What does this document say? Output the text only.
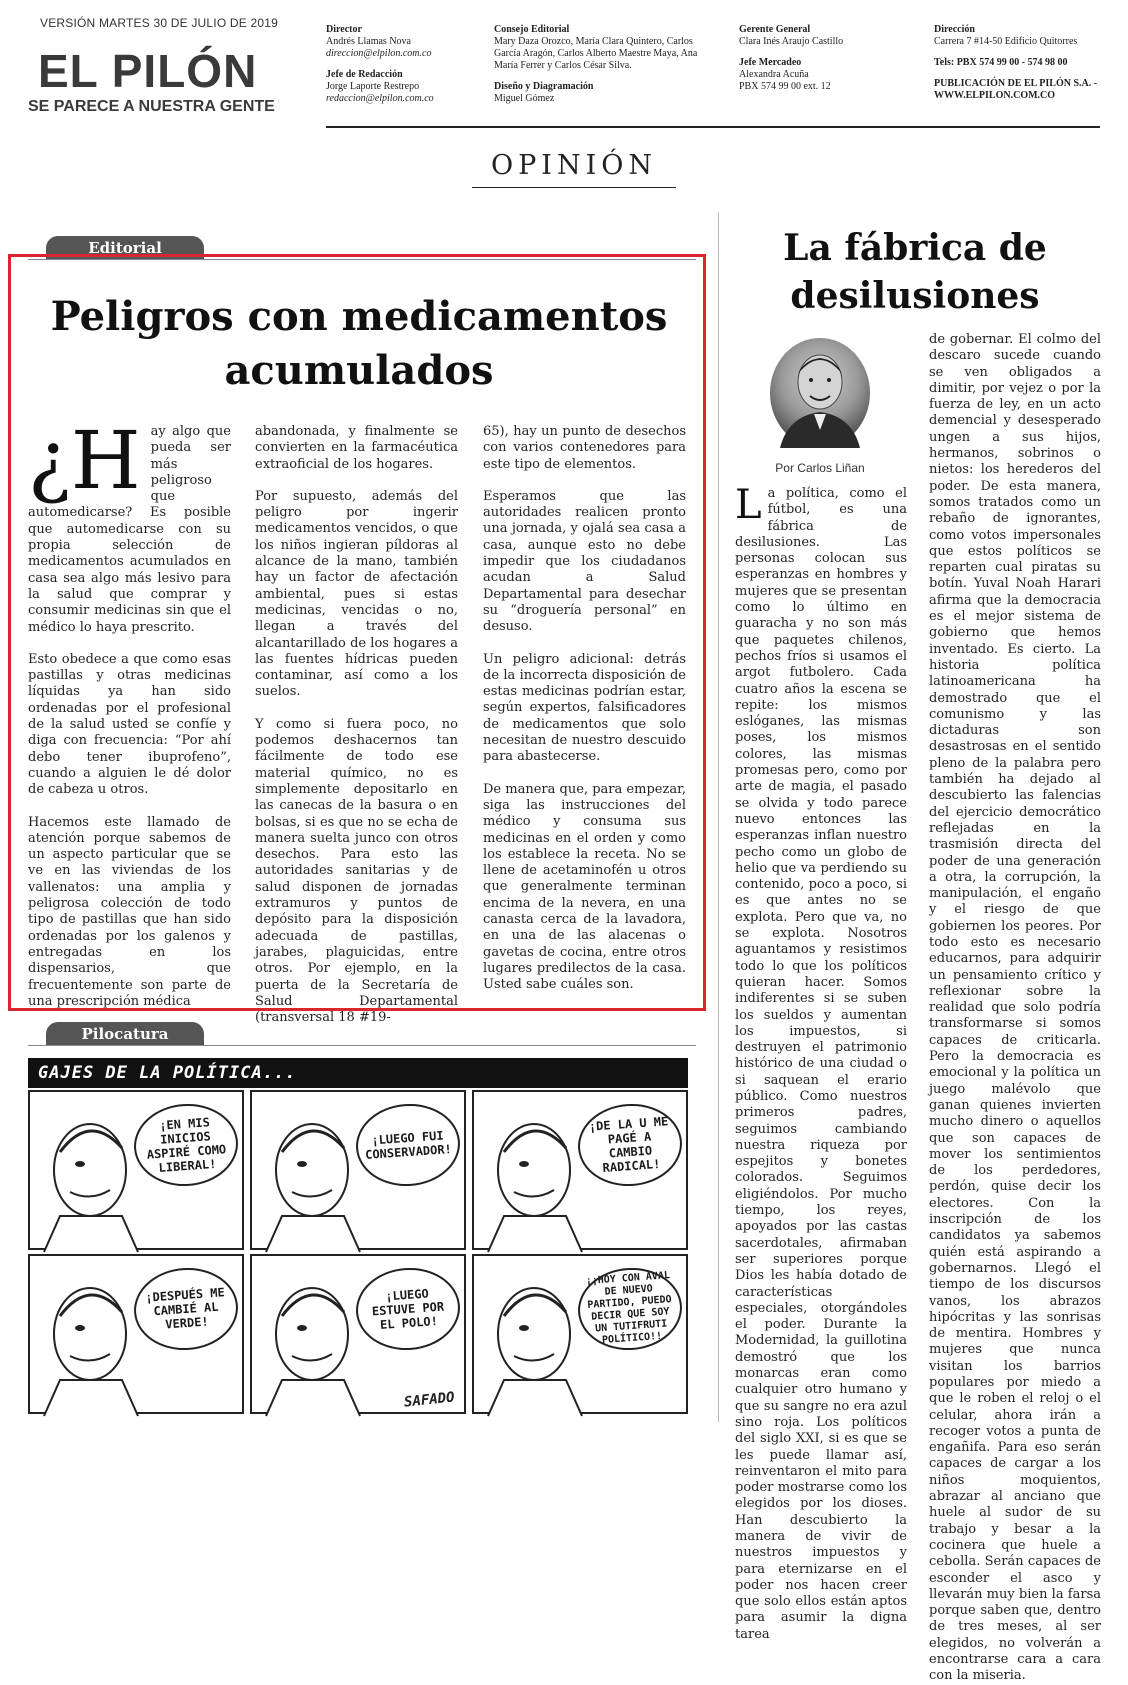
VERSIÓN MARTES 30 DE JULIO DE 2019
EL PILÓN
SE PARECE A NUESTRA GENTE
Director
Andrés Llamas Nova
direccion@elpilon.com.co
Jefe de Redacción
Jorge Laporte Restrepo
redaccion@elpilon.com.co
Consejo Editorial
Mary Daza Orozco, María Clara Quintero, Carlos García Aragón, Carlos Alberto Maestre Maya, Ana María Ferrer y Carlos César Silva.
Diseño y Diagramación
Miguel Gómez
Gerente General
Clara Inés Araujo Castillo
Jefe Mercadeo
Alexandra Acuña
PBX 574 99 00 ext. 12
Dirección
Carrera 7 #14-50 Edificio Quitorres
Tels: PBX 574 99 00 - 574 98 00
PUBLICACIÓN DE EL PILÓN S.A. - WWW.ELPILON.COM.CO
OPINIÓN
Editorial
Peligros con medicamentos acumulados

¿H ay algo que pueda ser más peligroso que automedicarse? Es posible que automedicarse con su propia selección de medicamentos acumulados en casa sea algo más lesivo para la salud que comprar y consumir medicinas sin que el médico lo haya prescrito.

Esto obedece a que como esas pastillas y otras medicinas líquidas ya han sido ordenadas por el profesional de la salud usted se confíe y diga con frecuencia: “Por ahí debo tener ibuprofeno”, cuando a alguien le dé dolor de cabeza u otros.

Hacemos este llamado de atención porque sabemos de un aspecto particular que se ve en las viviendas de los vallenatos: una amplia y peligrosa colección de todo tipo de pastillas que han sido ordenadas por los galenos y entregadas en los dispensarios, que frecuentemente son parte de una prescripción médica

abandonada, y finalmente se convierten en la farmacéutica extraoficial de los hogares.

Por supuesto, además del peligro por ingerir medicamentos vencidos, o que los niños ingieran píldoras al alcance de la mano, también hay un factor de afectación ambiental, pues si estas medicinas, vencidas o no, llegan a través del alcantarillado de los hogares a las fuentes hídricas pueden contaminar, así como a los suelos.

Y como si fuera poco, no podemos deshacernos tan fácilmente de todo ese material químico, no es simplemente depositarlo en las canecas de la basura o en bolsas, si es que no se echa de manera suelta junco con otros desechos. Para esto las autoridades sanitarias y de salud disponen de jornadas extramuros y puntos de depósito para la disposición adecuada de pastillas, jarabes, plaguicidas, entre otros. Por ejemplo, en la puerta de la Secretaría de Salud Departamental (transversal 18 #19-

65), hay un punto de desechos con varios contenedores para este tipo de elementos.

Esperamos que las autoridades realicen pronto una jornada, y ojalá sea casa a casa, aunque esto no debe impedir que los ciudadanos acudan a Salud Departamental para desechar su “droguería personal” en desuso.

Un peligro adicional: detrás de la incorrecta disposición de estas medicinas podrían estar, según expertos, falsificadores de medicamentos que solo necesitan de nuestro descuido para abastecerse.

De manera que, para empezar, siga las instrucciones del médico y consuma sus medicinas en el orden y como los establece la receta. No se llene de acetaminofén u otros que generalmente terminan encima de la nevera, en una canasta cerca de la lavadora, en una de las alacenas o gavetas de cocina, entre otros lugares predilectos de la casa. Usted sabe cuáles son.

Pilocatura
GAJES DE LA POLÍTICA...
¡EN MIS INICIOS ASPIRÉ COMO LIBERAL!
¡LUEGO FUI CONSERVADOR!
¡DE LA U ME PAGÉ A CAMBIO RADICAL!
¡DESPUÉS ME CAMBIÉ AL VERDE!
¡LUEGO ESTUVE POR EL POLO!
¡¡HOY CON AVAL DE NUEVO PARTIDO, PUEDO DECIR QUE SOY UN TUTIFRUTI POLÍTICO!!
SAFADO
La fábrica de desilusiones
Por Carlos Liñan

La política, como el fútbol, es una fábrica de desilusiones. Las personas colocan sus esperanzas en hombres y mujeres que se presentan como lo último en guaracha y no son más que paquetes chilenos, pechos fríos si usamos el argot futbolero. Cada cuatro años la escena se repite: los mismos eslóganes, las mismas poses, los mismos colores, las mismas promesas pero, como por arte de magia, el pasado se olvida y todo parece nuevo entonces las esperanzas inflan nuestro pecho como un globo de helio que va perdiendo su contenido, poco a poco, si es que antes no se explota. Pero que va, no se explota. Nosotros aguantamos y resistimos todo lo que los políticos quieran hacer. Somos indiferentes si se suben los sueldos y aumentan los impuestos, si destruyen el patrimonio histórico de una ciudad o si saquean el erario público. Como nuestros primeros padres, seguimos cambiando nuestra riqueza por espejitos y bonetes colorados. Seguimos eligiéndolos. Por mucho tiempo, los reyes, apoyados por las castas sacerdotales, afirmaban ser superiores porque Dios les había dotado de características especiales, otorgándoles el poder. Durante la Modernidad, la guillotina demostró que los monarcas eran como cualquier otro humano y que su sangre no era azul sino roja. Los políticos del siglo XXI, si es que se les puede llamar así, reinventaron el mito para poder mostrarse como los elegidos por los dioses. Han descubierto la manera de vivir de nuestros impuestos y para eternizarse en el poder nos hacen creer que solo ellos están aptos para asumir la digna tarea

de gobernar. El colmo del descaro sucede cuando se ven obligados a dimitir, por vejez o por la fuerza de ley, en un acto demencial y desesperado ungen a sus hijos, hermanos, sobrinos o nietos: los herederos del poder. De esta manera, somos tratados como un rebaño de ignorantes, como votos impersonales que estos políticos se reparten cual piratas su botín. Yuval Noah Harari afirma que la democracia es el mejor sistema de gobierno que hemos inventado. Es cierto. La historia política latinoamericana ha demostrado que el comunismo y las dictaduras son desastrosas en el sentido pleno de la palabra pero también ha dejado al descubierto las falencias del ejercicio democrático reflejadas en la trasmisión directa del poder de una generación a otra, la corrupción, la manipulación, el engaño y el riesgo de que gobiernen los peores. Por todo esto es necesario educarnos, para adquirir un pensamiento crítico y reflexionar sobre la realidad que solo podría transformarse si somos capaces de criticarla. Pero la democracia es emocional y la política un juego malévolo que ganan quienes invierten mucho dinero o aquellos que son capaces de mover los sentimientos de los perdedores, perdón, quise decir los electores. Con la inscripción de los candidatos ya sabemos quién está aspirando a gobernarnos. Llegó el tiempo de los discursos vanos, los abrazos hipócritas y las sonrisas de mentira. Hombres y mujeres que nunca visitan los barrios populares por miedo a que le roben el reloj o el celular, ahora irán a recoger votos a punta de engañifa. Para eso serán capaces de cargar a los niños moquientos, abrazar al anciano que huele al sudor de su trabajo y besar a la cocinera que huele a cebolla. Serán capaces de esconder el asco y llevarán muy bien la farsa porque saben que, dentro de tres meses, al ser elegidos, no volverán a encontrarse cara a cara con la miseria.
